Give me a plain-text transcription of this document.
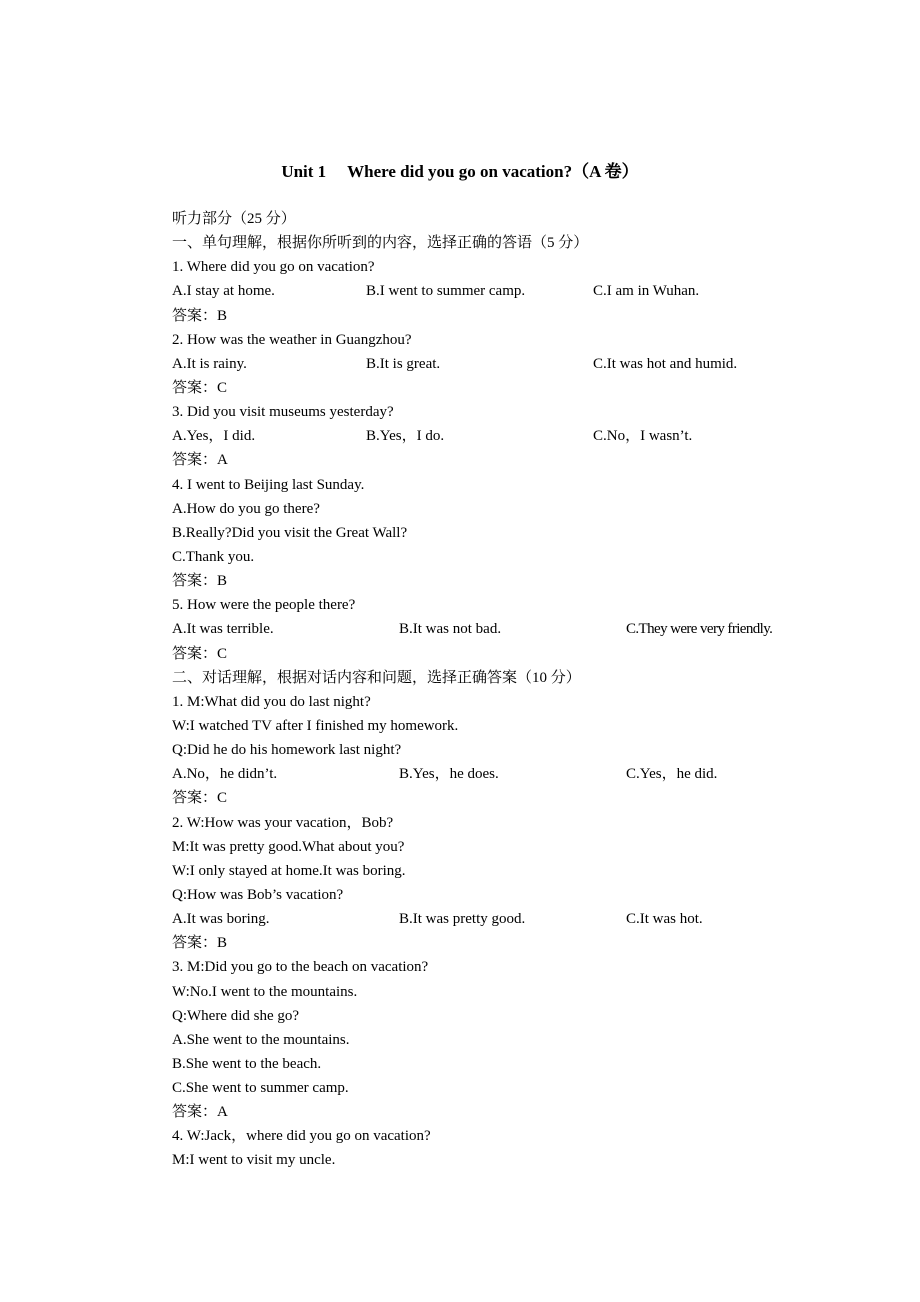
Unit 1　 Where did you go on vacation?（A 卷）
听力部分（25 分）
一、单句理解，根据你所听到的内容，选择正确的答语（5 分）
1. Where did you go on vacation?
A.I stay at home.	B.I went to summer camp.	C.I am in Wuhan.
答案：B
2. How was the weather in Guangzhou?
A.It is rainy.	B.It is great.	C.It was hot and humid.
答案：C
3. Did you visit museums yesterday?
A.Yes，I did.	B.Yes，I do.	C.No，I wasn’t.
答案：A
4. I went to Beijing last Sunday.
A.How do you go there?
B.Really?Did you visit the Great Wall?
C.Thank you.
答案：B
5. How were the people there?
A.It was terrible.	B.It was not bad.	C.They were very friendly.
答案：C
二、对话理解，根据对话内容和问题，选择正确答案（10 分）
1. M:What did you do last night?
W:I watched TV after I finished my homework.
Q:Did he do his homework last night?
A.No，he didn’t.	B.Yes，he does.	C.Yes，he did.
答案：C
2. W:How was your vacation，Bob?
M:It was pretty good.What about you?
W:I only stayed at home.It was boring.
Q:How was Bob’s vacation?
A.It was boring.	B.It was pretty good.	C.It was hot.
答案：B
3. M:Did you go to the beach on vacation?
W:No.I went to the mountains.
Q:Where did she go?
A.She went to the mountains.
B.She went to the beach.
C.She went to summer camp.
答案：A
4. W:Jack，where did you go on vacation?
M:I went to visit my uncle.
